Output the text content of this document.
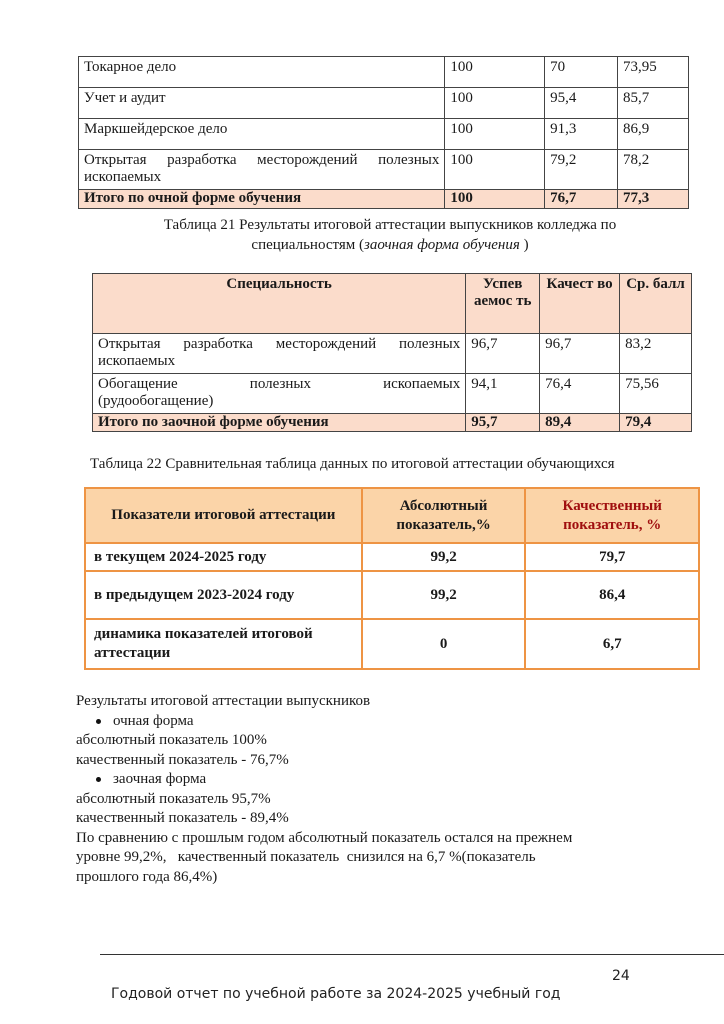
Токарное дело	100	70	73,95
Учет и аудит	100	95,4	85,7
Маркшейдерское дело	100	91,3	86,9
Открытая разработка месторождений полезных ископаемых	100	79,2	78,2
Итого по очной форме обучения	100	76,7	77,3
Таблица 21 Результаты итоговой аттестации выпускников колледжа по
специальностям (заочная форма обучения )
Специальность	Успев аемос ть	Качест во	Ср. балл
Открытая разработка месторождений полезных ископаемых	96,7	96,7	83,2

Обогащение полезных ископаемых
(рудообогащение)	94,1	76,4	75,56
Итого по заочной форме обучения	95,7	89,4	79,4
Таблица 22 Сравнительная таблица данных по итоговой аттестации обучающихся
Показатели итоговой аттестации	Абсолютный показатель,%	Качественный показатель, %
в текущем 2024-2025 году	99,2	79,7
в предыдущем 2023-2024 году	99,2	86,4
динамика показателей итоговой аттестации	0	6,7
Результаты итоговой аттестации выпускников
очная форма
абсолютный показатель 100%
качественный показатель - 76,7%
заочная форма
абсолютный показатель 95,7%
качественный показатель - 89,4%
По сравнению с прошлым годом абсолютный показатель остался на прежнем
уровне 99,2%,   качественный показатель  снизился на 6,7 %(показатель
прошлого года 86,4%)
24
Годовой отчет по учебной работе за 2024-2025 учебный год
